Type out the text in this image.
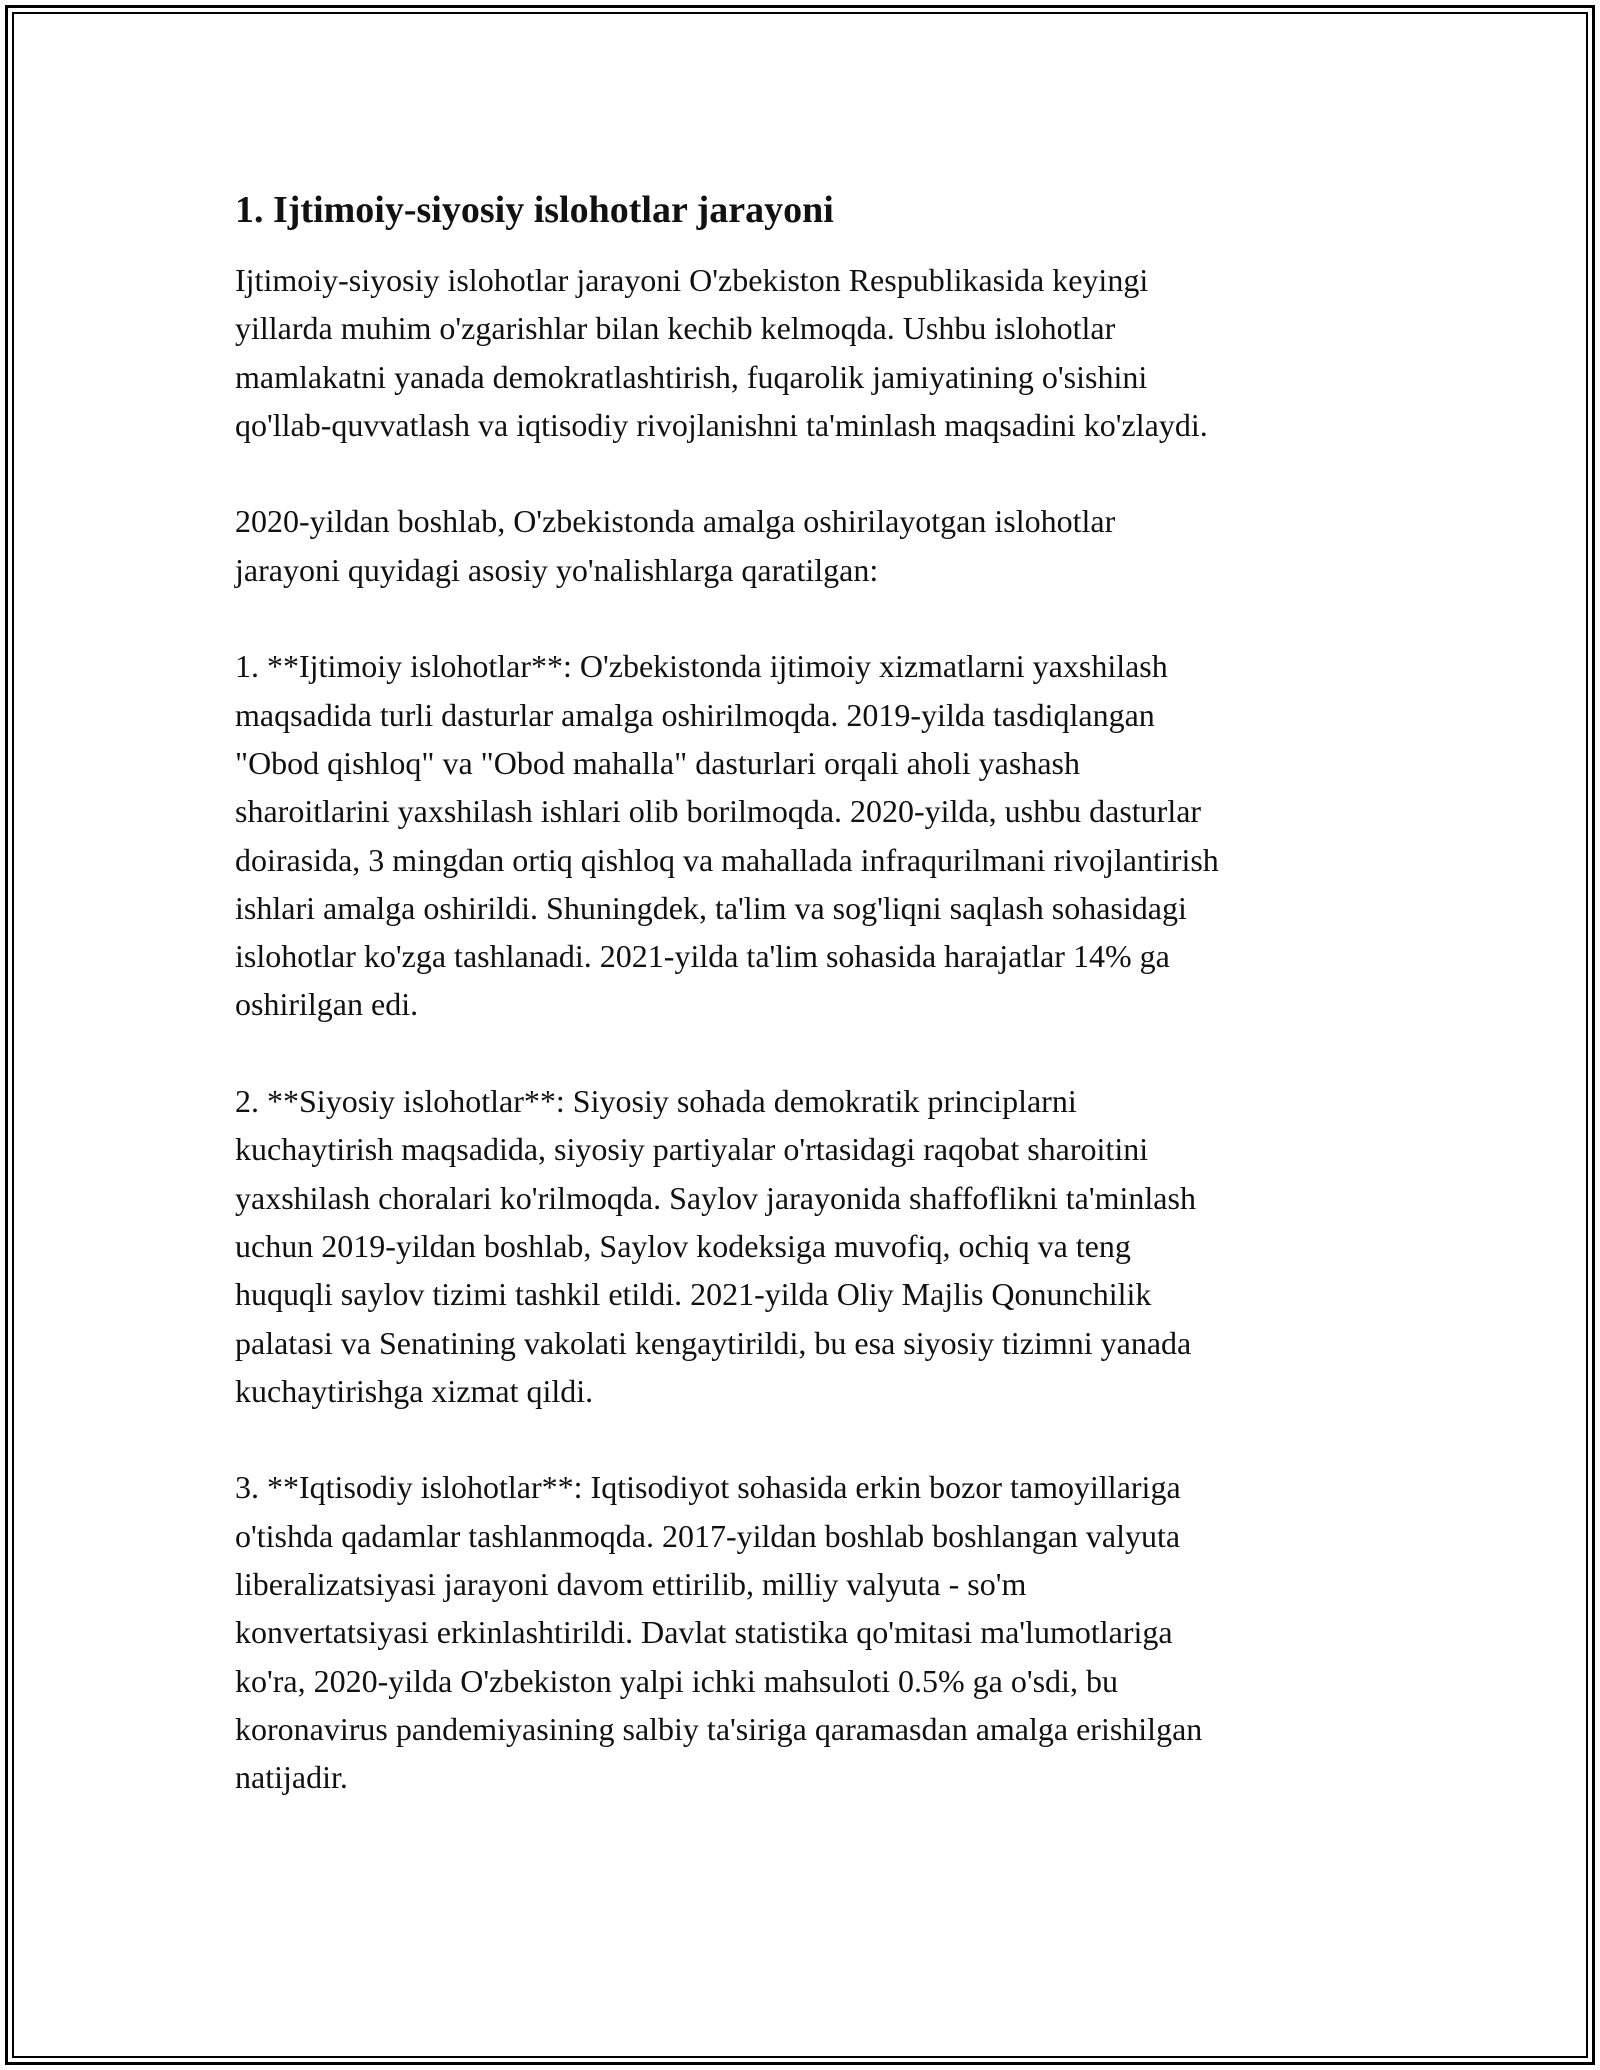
1. Ijtimoiy-siyosiy islohotlar jarayoni
Ijtimoiy-siyosiy islohotlar jarayoni O'zbekiston Respublikasida keyingi
yillarda muhim o'zgarishlar bilan kechib kelmoqda. Ushbu islohotlar
mamlakatni yanada demokratlashtirish, fuqarolik jamiyatining o'sishini
qo'llab-quvvatlash va iqtisodiy rivojlanishni ta'minlash maqsadini ko'zlaydi.
2020-yildan boshlab, O'zbekistonda amalga oshirilayotgan islohotlar
jarayoni quyidagi asosiy yo'nalishlarga qaratilgan:
1. **Ijtimoiy islohotlar**: O'zbekistonda ijtimoiy xizmatlarni yaxshilash
maqsadida turli dasturlar amalga oshirilmoqda. 2019-yilda tasdiqlangan
"Obod qishloq" va "Obod mahalla" dasturlari orqali aholi yashash
sharoitlarini yaxshilash ishlari olib borilmoqda. 2020-yilda, ushbu dasturlar
doirasida, 3 mingdan ortiq qishloq va mahallada infraqurilmani rivojlantirish
ishlari amalga oshirildi. Shuningdek, ta'lim va sog'liqni saqlash sohasidagi
islohotlar ko'zga tashlanadi. 2021-yilda ta'lim sohasida harajatlar 14% ga
oshirilgan edi.
2. **Siyosiy islohotlar**: Siyosiy sohada demokratik principlarni
kuchaytirish maqsadida, siyosiy partiyalar o'rtasidagi raqobat sharoitini
yaxshilash choralari ko'rilmoqda. Saylov jarayonida shaffoflikni ta'minlash
uchun 2019-yildan boshlab, Saylov kodeksiga muvofiq, ochiq va teng
huquqli saylov tizimi tashkil etildi. 2021-yilda Oliy Majlis Qonunchilik
palatasi va Senatining vakolati kengaytirildi, bu esa siyosiy tizimni yanada
kuchaytirishga xizmat qildi.
3. **Iqtisodiy islohotlar**: Iqtisodiyot sohasida erkin bozor tamoyillariga
o'tishda qadamlar tashlanmoqda. 2017-yildan boshlab boshlangan valyuta
liberalizatsiyasi jarayoni davom ettirilib, milliy valyuta - so'm
konvertatsiyasi erkinlashtirildi. Davlat statistika qo'mitasi ma'lumotlariga
ko'ra, 2020-yilda O'zbekiston yalpi ichki mahsuloti 0.5% ga o'sdi, bu
koronavirus pandemiyasining salbiy ta'siriga qaramasdan amalga erishilgan
natijadir.
